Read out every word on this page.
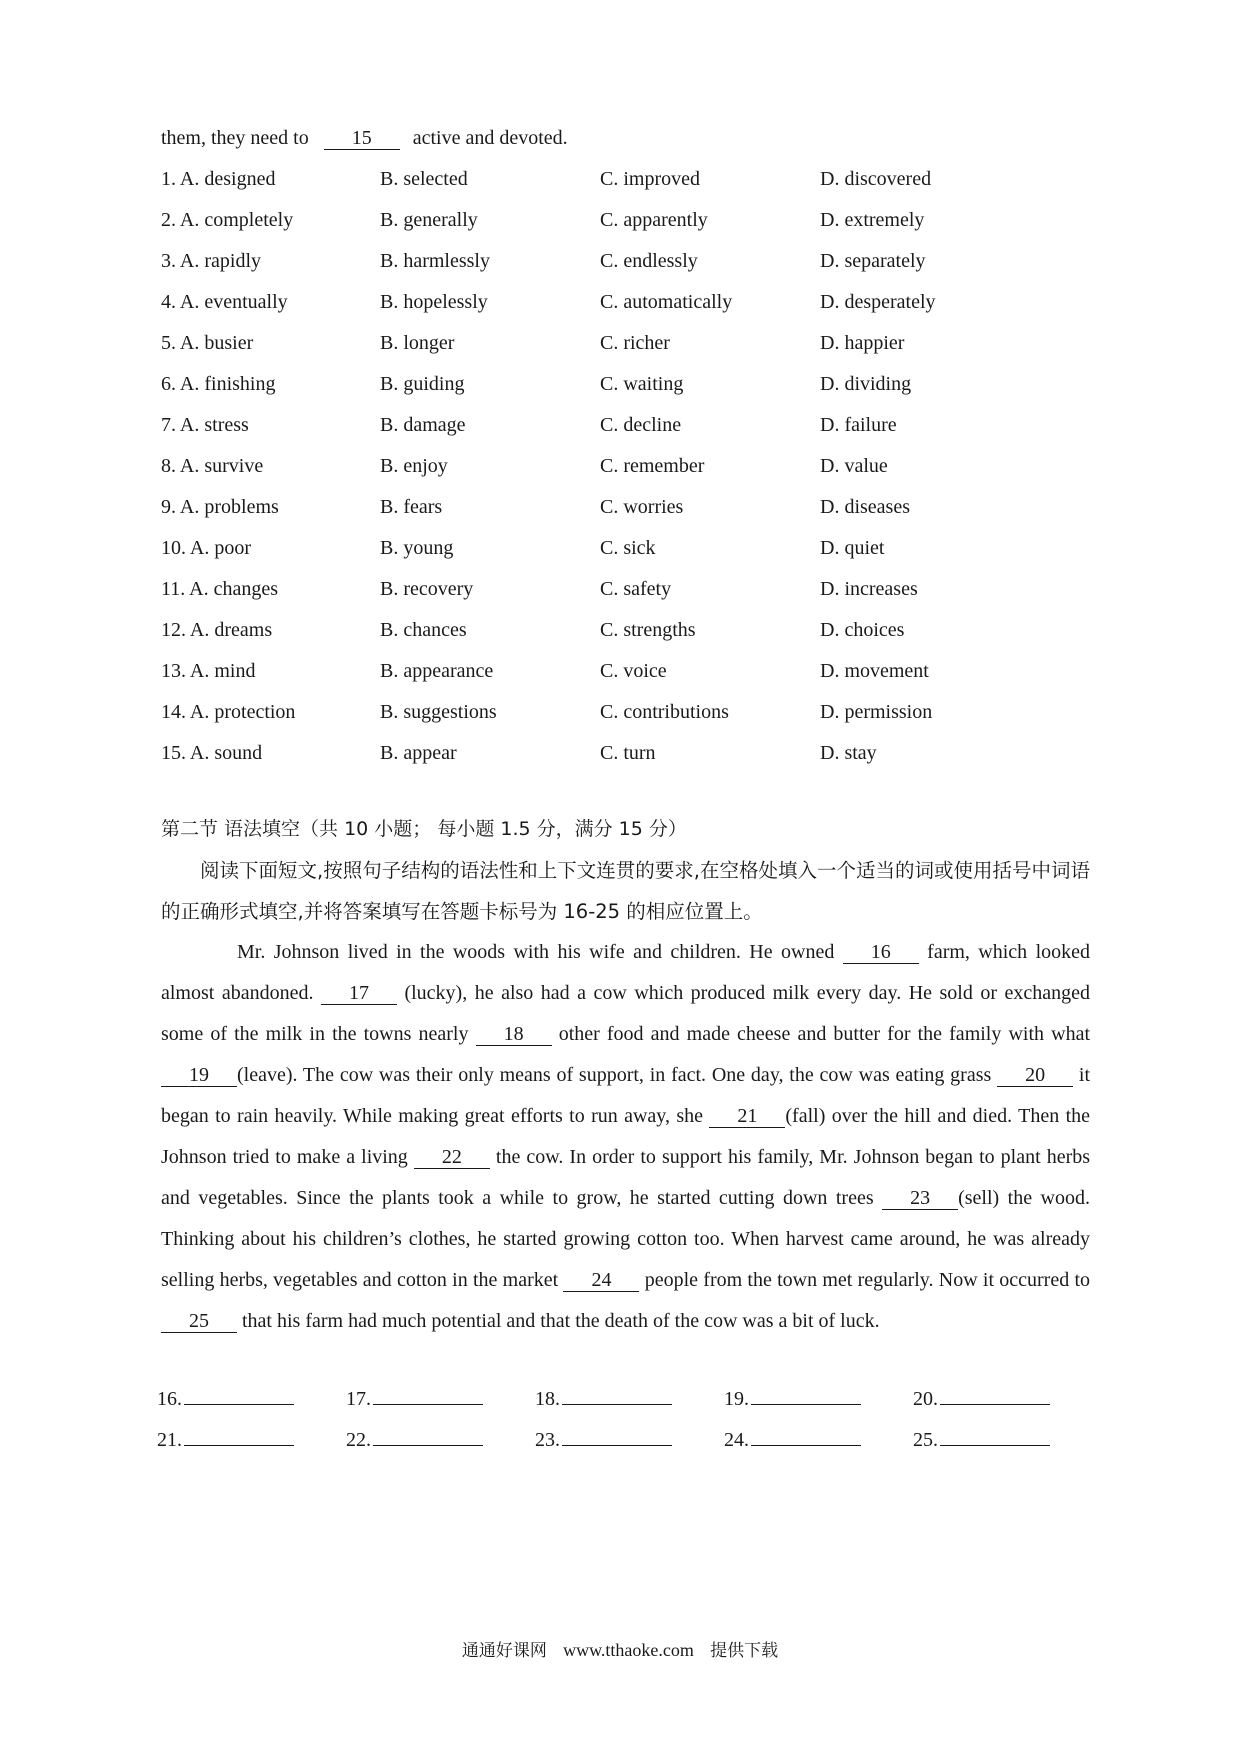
them, they need to 15 active and devoted.
1. A. designed	B. selected	C. improved	D. discovered
2. A. completely	B. generally	C. apparently	D. extremely
3. A. rapidly	B. harmlessly	C. endlessly	D. separately
4. A. eventually	B. hopelessly	C. automatically	D. desperately
5. A. busier	B. longer	C. richer	D. happier
6. A. finishing	B. guiding	C. waiting	D. dividing
7. A. stress	B. damage	C. decline	D. failure
8. A. survive	B. enjoy	C. remember	D. value
9. A. problems	B. fears	C. worries	D. diseases
10. A. poor	B. young	C. sick	D. quiet
11. A. changes	B. recovery	C. safety	D. increases
12. A. dreams	B. chances	C. strengths	D. choices
13. A. mind	B. appearance	C. voice	D. movement
14. A. protection	B. suggestions	C. contributions	D. permission
15. A. sound	B. appear	C. turn	D. stay
第二节 语法填空（共 10 小题； 每小题 1.5 分，满分 15 分）

阅读下面短文,按照句子结构的语法性和上下文连贯的要求,在空格处填入一个适当的词或使用括号中词语的正确形式填空,并将答案填写在答题卡标号为 16-25 的相应位置上。

Mr. Johnson lived in the woods with his wife and children. He owned 16 farm, which looked almost abandoned. 17 (lucky), he also had a cow which produced milk every day. He sold or exchanged some of the milk in the towns nearly 18 other food and made cheese and butter for the family with what 19 (leave). The cow was their only means of support, in fact. One day, the cow was eating grass 20 it began to rain heavily. While making great efforts to run away, she 21 (fall) over the hill and died. Then the Johnson tried to make a living 22 the cow. In order to support his family, Mr. Johnson began to plant herbs and vegetables. Since the plants took a while to grow, he started cutting down trees 23 (sell) the wood. Thinking about his children’s clothes, he started growing cotton too. When harvest came around, he was already selling herbs, vegetables and cotton in the market 24 people from the town met regularly. Now it occurred to 25 that his farm had much potential and that the death of the cow was a bit of luck.

16.	17.	18.	19.	20.
21.	22.	23.	24.	25.
通通好课网 www.tthaoke.com 提供下载
